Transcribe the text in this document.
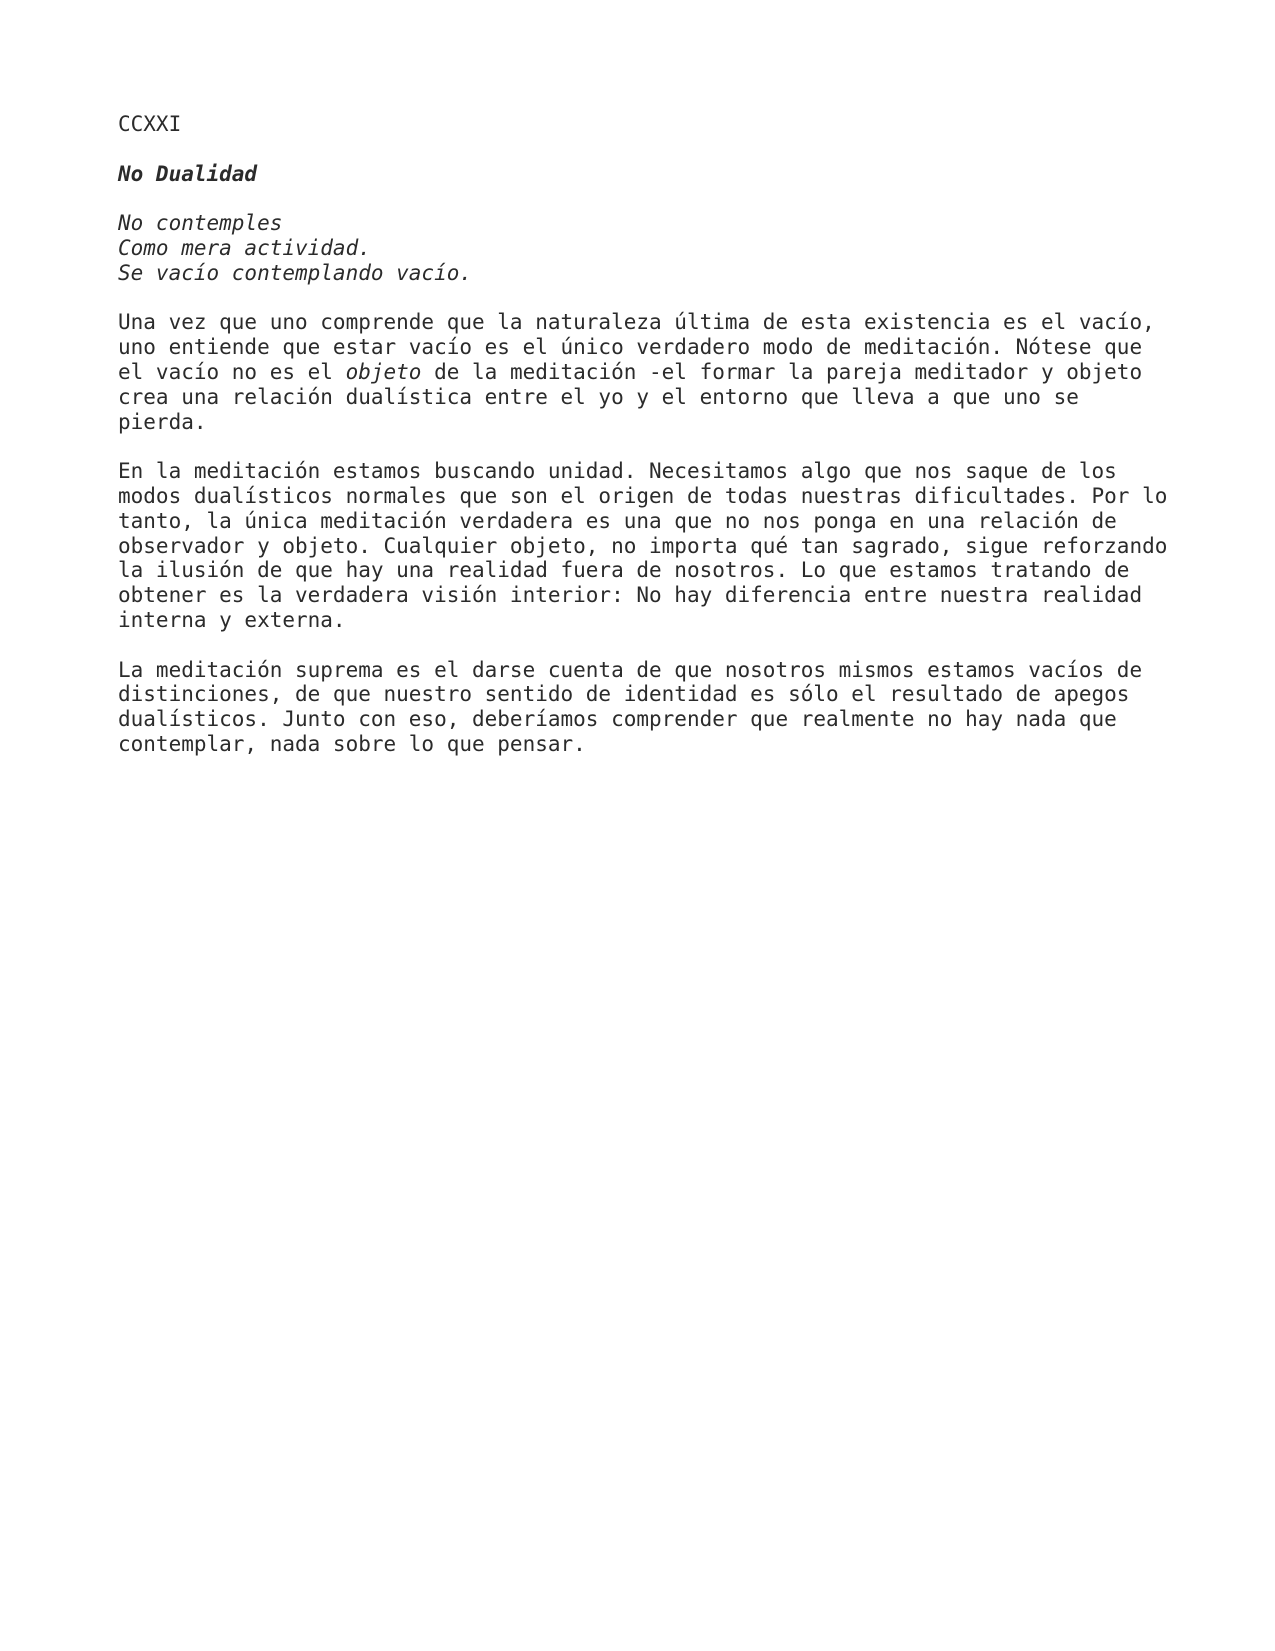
CCXXI
No Dualidad
No contemples
Como mera actividad.
Se vacío contemplando vacío.
Una vez que uno comprende que la naturaleza última de esta existencia es el vacío,
uno entiende que estar vacío es el único verdadero modo de meditación. Nótese que
el vacío no es el objeto de la meditación -el formar la pareja meditador y objeto
crea una relación dualística entre el yo y el entorno que lleva a que uno se
pierda.
En la meditación estamos buscando unidad. Necesitamos algo que nos saque de los
modos dualísticos normales que son el origen de todas nuestras dificultades. Por lo
tanto, la única meditación verdadera es una que no nos ponga en una relación de
observador y objeto. Cualquier objeto, no importa qué tan sagrado, sigue reforzando
la ilusión de que hay una realidad fuera de nosotros. Lo que estamos tratando de
obtener es la verdadera visión interior: No hay diferencia entre nuestra realidad
interna y externa.
La meditación suprema es el darse cuenta de que nosotros mismos estamos vacíos de
distinciones, de que nuestro sentido de identidad es sólo el resultado de apegos
dualísticos. Junto con eso, deberíamos comprender que realmente no hay nada que
contemplar, nada sobre lo que pensar.
